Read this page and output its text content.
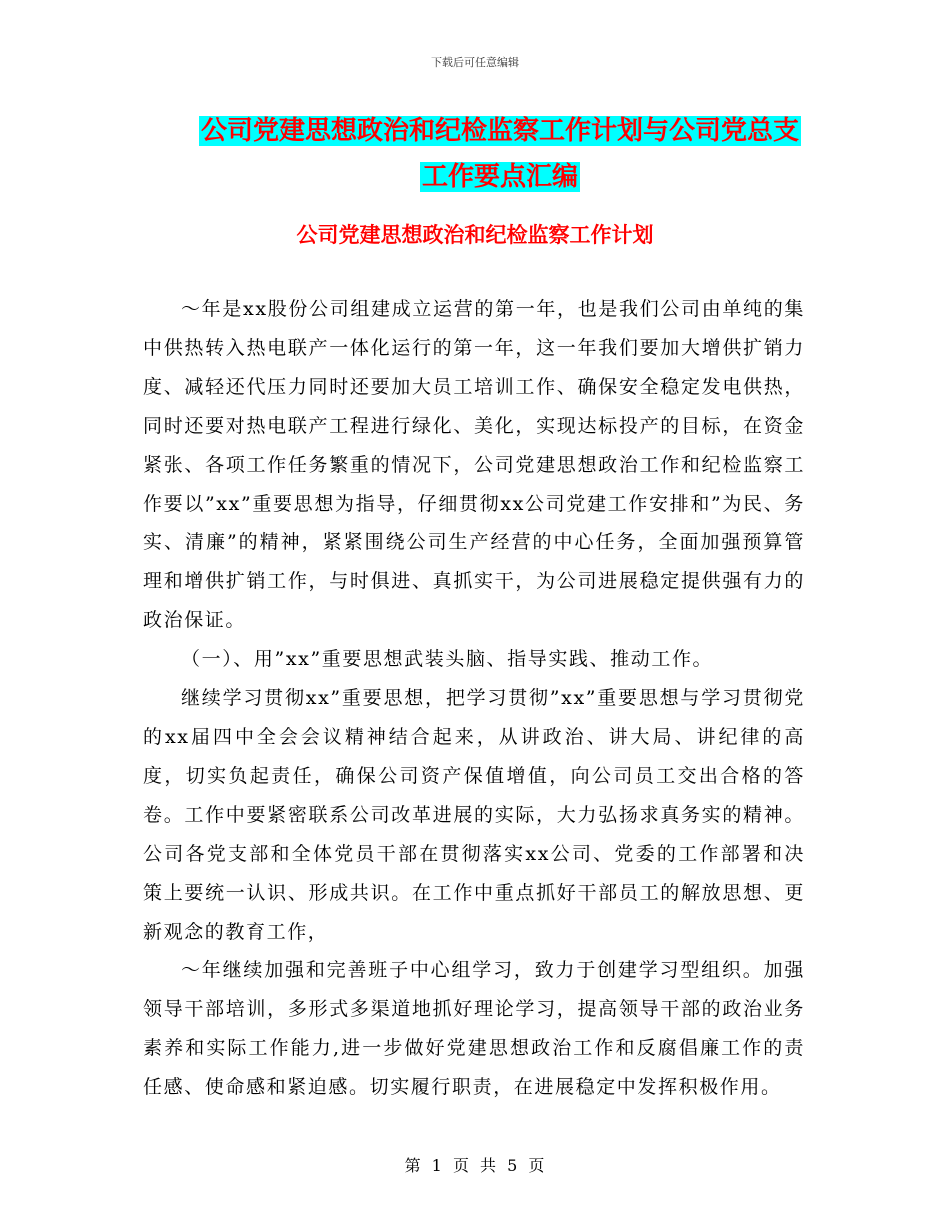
下载后可任意编辑
公司党建思想政治和纪检监察工作计划与公司党总支
工作要点汇编
公司党建思想政治和纪检监察工作计划

～年是xx股份公司组建成立运营的第一年，也是我们公司由单纯的集中供热转入热电联产一体化运行的第一年，这一年我们要加大增供扩销力度、减轻还代压力同时还要加大员工培训工作、确保安全稳定发电供热，同时还要对热电联产工程进行绿化、美化，实现达标投产的目标，在资金紧张、各项工作任务繁重的情况下，公司党建思想政治工作和纪检监察工作要以”xx”重要思想为指导，仔细贯彻xx公司党建工作安排和”为民、务实、清廉”的精神，紧紧围绕公司生产经营的中心任务，全面加强预算管理和增供扩销工作，与时俱进、真抓实干，为公司进展稳定提供强有力的政治保证。

（一）、用”xx”重要思想武装头脑、指导实践、推动工作。

继续学习贯彻xx”重要思想，把学习贯彻”xx”重要思想与学习贯彻党的xx届四中全会会议精神结合起来，从讲政治、讲大局、讲纪律的高度，切实负起责任，确保公司资产保值增值，向公司员工交出合格的答卷。工作中要紧密联系公司改革进展的实际，大力弘扬求真务实的精神。公司各党支部和全体党员干部在贯彻落实xx公司、党委的工作部署和决策上要统一认识、形成共识。在工作中重点抓好干部员工的解放思想、更新观念的教育工作，

～年继续加强和完善班子中心组学习，致力于创建学习型组织。加强领导干部培训，多形式多渠道地抓好理论学习，提高领导干部的政治业务素养和实际工作能力,进一步做好党建思想政治工作和反腐倡廉工作的责任感、使命感和紧迫感。切实履行职责，在进展稳定中发挥积极作用。

第 1 页 共 5 页
